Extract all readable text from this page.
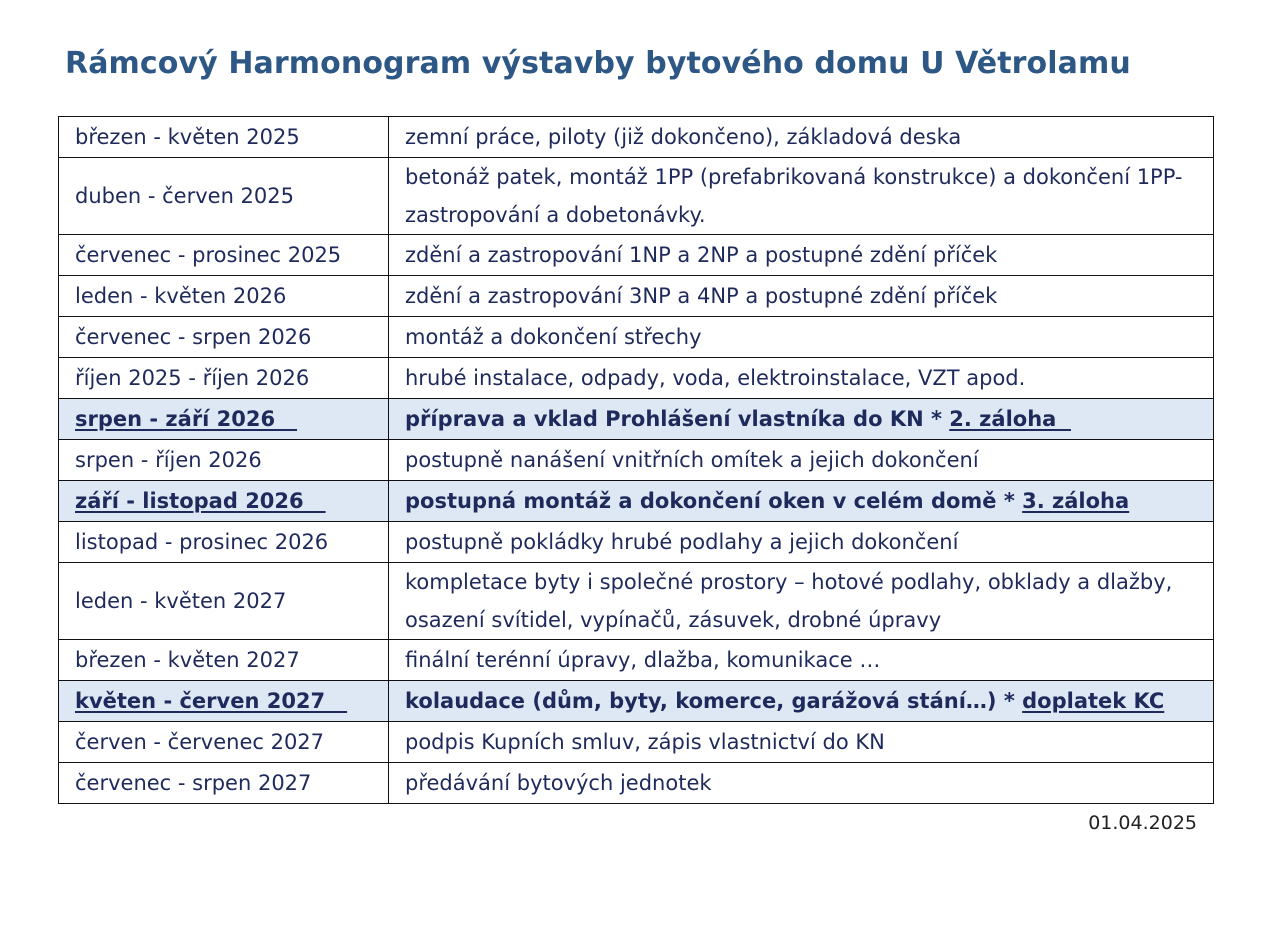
Rámcový Harmonogram výstavby bytového domu U Větrolamu
březen - květen 2025	zemní práce, piloty (již dokončeno), základová deska
duben - červen 2025	betonáž patek, montáž 1PP (prefabrikovaná konstrukce) a dokončení 1PP-zastropování a dobetonávky.
červenec - prosinec 2025	zdění a zastropování 1NP a 2NP a postupné zdění příček
leden - květen 2026	zdění a zastropování 3NP a 4NP a postupné zdění příček
červenec - srpen 2026	montáž a dokončení střechy
říjen 2025 - říjen 2026	hrubé instalace, odpady, voda, elektroinstalace, VZT apod.
srpen - září 2026	příprava a vklad Prohlášení vlastníka do KN * 2. záloha
srpen - říjen 2026	postupně nanášení vnitřních omítek a jejich dokončení
září - listopad 2026	postupná montáž a dokončení oken v celém domě * 3. záloha
listopad - prosinec 2026	postupně pokládky hrubé podlahy a jejich dokončení
leden - květen 2027	kompletace byty i společné prostory – hotové podlahy, obklady a dlažby, osazení svítidel, vypínačů, zásuvek, drobné úpravy
březen - květen 2027	finální terénní úpravy, dlažba, komunikace …
květen - červen 2027	kolaudace (dům, byty, komerce, garážová stání…) * doplatek KC
červen - červenec 2027	podpis Kupních smluv, zápis vlastnictví do KN
červenec - srpen 2027	předávání bytových jednotek
01.04.2025
